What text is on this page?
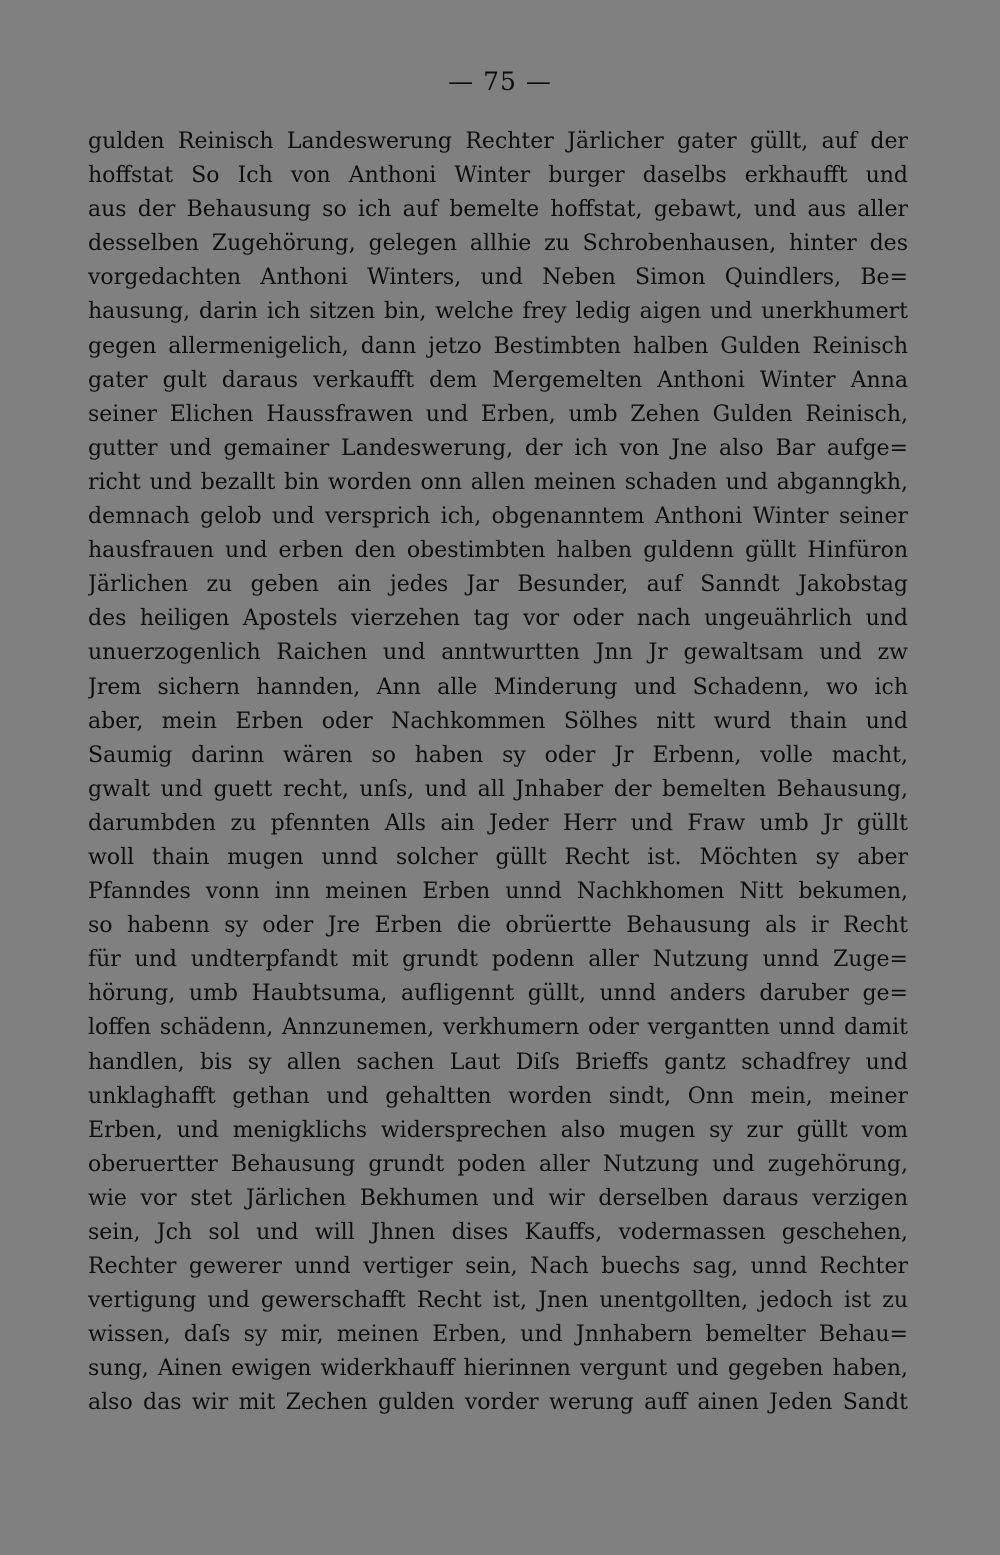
— 75 —
gulden Reinisch Landeswerung Rechter Järlicher gater güllt, auf der
hoffstat So Ich von Anthoni Winter burger daselbs erkhaufft und
aus der Behausung so ich auf bemelte hoffstat, gebawt, und aus aller
desselben Zugehörung, gelegen allhie zu Schrobenhausen, hinter des
vorgedachten Anthoni Winters, und Neben Simon Quindlers, Be=
hausung, darin ich sitzen bin, welche frey ledig aigen und unerkhumert
gegen allermenigelich, dann jetzo Bestimbten halben Gulden Reinisch
gater gult daraus verkaufft dem Mergemelten Anthoni Winter Anna
seiner Elichen Haussfrawen und Erben, umb Zehen Gulden Reinisch,
gutter und gemainer Landeswerung, der ich von Jne also Bar aufge=
richt und bezallt bin worden onn allen meinen schaden und abganngkh,
demnach gelob und versprich ich, obgenanntem Anthoni Winter seiner
hausfrauen und erben den obestimbten halben guldenn güllt Hinfüron
Järlichen zu geben ain jedes Jar Besunder, auf Sanndt Jakobstag
des heiligen Apostels vierzehen tag vor oder nach ungeuährlich und
unuerzogenlich Raichen und anntwurtten Jnn Jr gewaltsam und zw
Jrem sichern hannden, Ann alle Minderung und Schadenn, wo ich
aber, mein Erben oder Nachkommen Sölhes nitt wurd thain und
Saumig darinn wären so haben sy oder Jr Erbenn, volle macht,
gwalt und guett recht, unſs, und all Jnhaber der bemelten Behausung,
darumbden zu pfennten Alls ain Jeder Herr und Fraw umb Jr güllt
woll thain mugen unnd solcher güllt Recht ist. Möchten sy aber
Pfanndes vonn inn meinen Erben unnd Nachkhomen Nitt bekumen,
so habenn sy oder Jre Erben die obrüertte Behausung als ir Recht
für und undterpfandt mit grundt podenn aller Nutzung unnd Zuge=
hörung, umb Haubtsuma, aufligennt güllt, unnd anders daruber ge=
loffen schädenn, Annzunemen, verkhumern oder vergantten unnd damit
handlen, bis sy allen sachen Laut Diſs Brieffs gantz schadfrey und
unklaghafft gethan und gehaltten worden sindt, Onn mein, meiner
Erben, und menigklichs widersprechen also mugen sy zur güllt vom
oberuertter Behausung grundt poden aller Nutzung und zugehörung,
wie vor stet Järlichen Bekhumen und wir derselben daraus verzigen
sein, Jch sol und will Jhnen dises Kauffs, vodermassen geschehen,
Rechter gewerer unnd vertiger sein, Nach buechs sag, unnd Rechter
vertigung und gewerschafft Recht ist, Jnen unentgollten, jedoch ist zu
wissen, daſs sy mir, meinen Erben, und Jnnhabern bemelter Behau=
sung, Ainen ewigen widerkhauff hierinnen vergunt und gegeben haben,
also das wir mit Zechen gulden vorder werung auff ainen Jeden Sandt
